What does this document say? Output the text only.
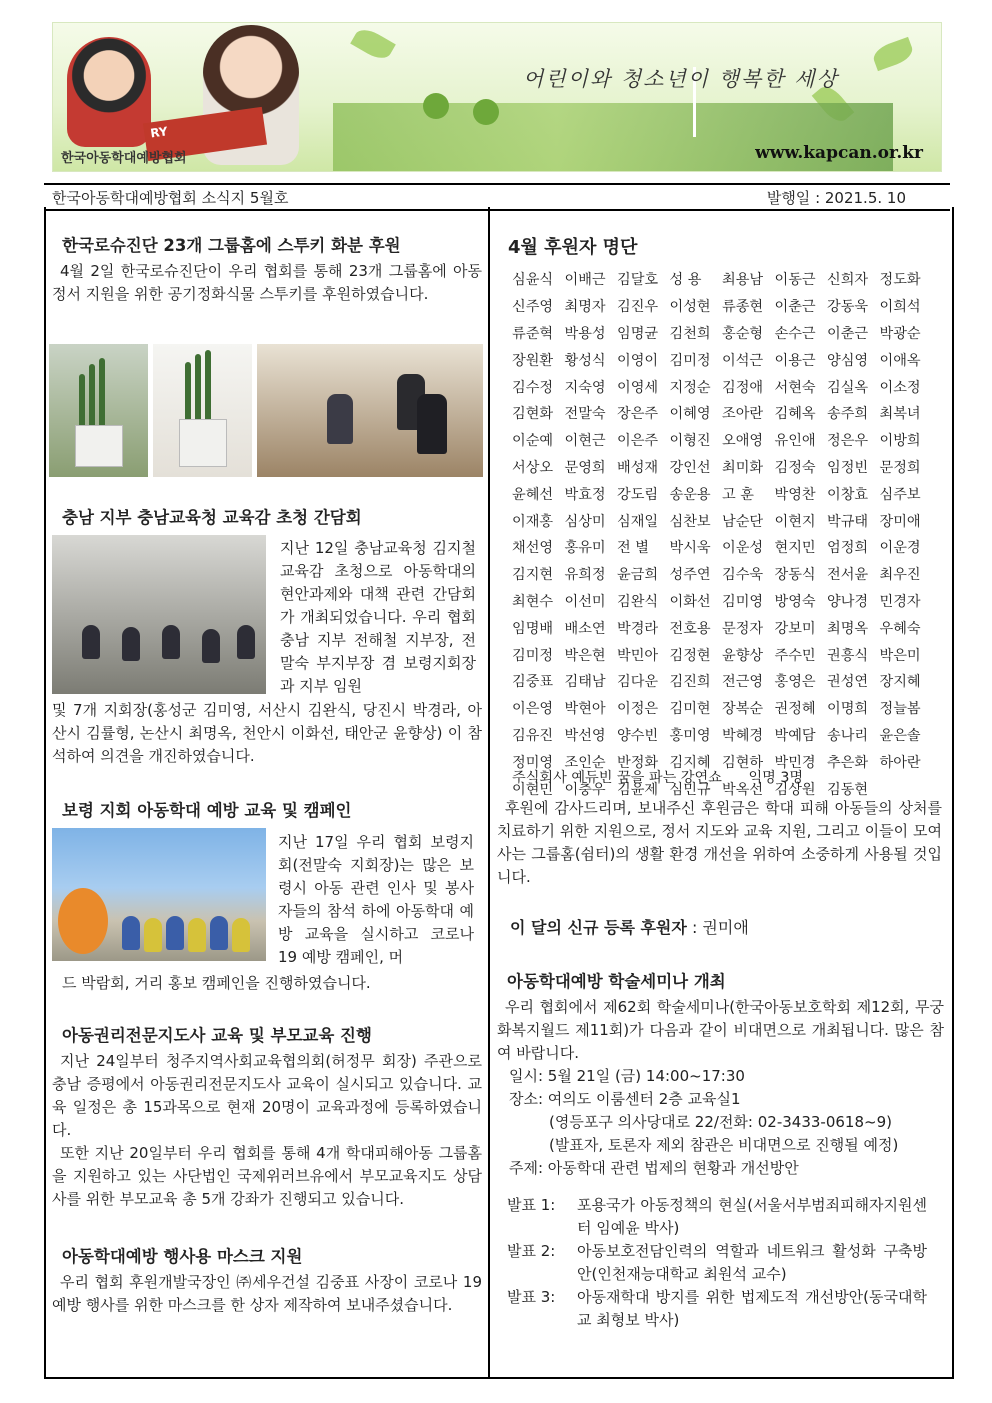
RY
어린이와 청소년이 행복한 세상
한국아동학대예방협회	www.kapcan.or.kr
한국아동학대예방협회 소식지 5월호	발행일 : 2021.5. 10

한국로슈진단 23개 그룹홈에 스투키 화분 후원

4월 2일 한국로슈진단이 우리 협회를 통해 23개 그룹홈에 아동 정서 지원을 위한 공기정화식물 스투키를 후원하였습니다.

충남 지부 충남교육청 교육감 초청 간담회

지난 12일 충남교육청 김지철 교육감 초청으로 아동학대의 현안과제와 대책 관련 간담회가 개최되었습니다. 우리 협회 충남 지부 전해철 지부장, 전말숙 부지부장 겸 보령지회장과 지부 임원

및 7개 지회장(홍성군 김미영, 서산시 김완식, 당진시 박경라, 아산시 김률형, 논산시 최명옥, 천안시 이화선, 태안군 윤향상) 이 참석하여 의견을 개진하였습니다.

보령 지회 아동학대 예방 교육 및 캠페인

지난 17일 우리 협회 보령지회(전말숙 지회장)는 많은 보령시 아동 관련 인사 및 봉사자들의 참석 하에 아동학대 예방 교육을 실시하고 코로나 19 예방 캠페인, 머

드 박람회, 거리 홍보 캠페인을 진행하였습니다.

아동권리전문지도사 교육 및 부모교육 진행

지난 24일부터 청주지역사회교육협의회(허정무 회장) 주관으로 충남 증평에서 아동권리전문지도사 교육이 실시되고 있습니다. 교육 일정은 총 15과목으로 현재 20명이 교육과정에 등록하였습니다.

또한 지난 20일부터 우리 협회를 통해 4개 학대피해아동 그룹홈을 지원하고 있는 사단법인 국제위러브유에서 부모교육지도 상담사를 위한 부모교육 총 5개 강좌가 진행되고 있습니다.

아동학대예방 행사용 마스크 지원

우리 협회 후원개발국장인 ㈜세우건설 김중표 사장이 코로나 19 예방 행사를 위한 마스크를 한 상자 제작하여 보내주셨습니다.

4월 후원자 명단

심윤식 이배근 김달호 성 용	최용남 이동근 신희자 정도화
신주영 최명자 김진우 이성현 류종현 이춘근 강동욱 이희석
류준혁 박용성 임명균 김천희 홍순형 손수근 이춘근 박광순
장원환 황성식 이영이 김미정 이석근 이용근 양심영 이애옥
김수정 지숙영 이영세 지정순 김정애 서현숙 김실옥 이소정
김현화 전말숙 장은주 이혜영 조아란 김혜옥 송주희 최복녀
이순예 이현근 이은주 이형진 오애영 유인애 정은우 이방희
서상오 문영희 배성재 강인선 최미화 김정숙 임정빈 문정희
윤혜선 박효정 강도림 송운용 고 훈	박영찬 이창효 심주보
이재홍 심상미 심재일 심찬보 남순단 이현지 박규태 장미애
채선영 홍유미 전 별	박시욱 이운성 현지민 엄정희 이운경
김지현 유희정 윤금희 성주연 김수욱 장동식 전서윤 최우진
최현수 이선미 김완식 이화선 김미영 방영숙 양나경 민경자
임명배 배소연 박경라 전호용 문정자 강보미 최명옥 우혜숙
김미정 박은현 박민아 김정현 윤향상 주수민 권흥식 박은미
김중표 김태남 김다운 김진희 전근영 홍영은 권성연 장지혜
이은영 박현아 이정은 김미현 장복순 권정혜 이명희 정늘봄
김유진 박선영 양수빈 홍미영 박혜경 박예담 송나리 윤은솔
정미영 조인순 반정화 김지혜 김현하 박민경 추은화 하아란
이현민 이충우 김윤제 심민규 박옥선 김상원 김동현
주식회사 예듀빈 꿈을 파는 강연쇼 익명 3명

후원에 감사드리며, 보내주신 후원금은 학대 피해 아동들의 상처를 치료하기 위한 지원으로, 정서 지도와 교육 지원, 그리고 이들이 모여 사는 그룹홈(쉼터)의 생활 환경 개선을 위하여 소중하게 사용될 것입니다.

이 달의 신규 등록 후원자 : 권미애

아동학대예방 학술세미나 개최

우리 협회에서 제62회 학술세미나(한국아동보호학회 제12회, 무궁화복지월드 제11회)가 다음과 같이 비대면으로 개최됩니다. 많은 참여 바랍니다.

일시: 5월 21일 (금) 14:00~17:30

장소: 여의도 이룸센터 2층 교육실1

(영등포구 의사당대로 22/전화: 02-3433-0618~9)

(발표자, 토론자 제외 참관은 비대면으로 진행될 예정)

주제: 아동학대 관련 법제의 현황과 개선방안

발표 1:	포용국가 아동정책의 현실(서울서부범죄피해자지원센터 임예윤 박사)
발표 2:	아동보호전담인력의 역할과 네트워크 활성화 구축방안(인천재능대학교 최원석 교수)
발표 3:	아동재학대 방지를 위한 법제도적 개선방안(동국대학교 최형보 박사)
